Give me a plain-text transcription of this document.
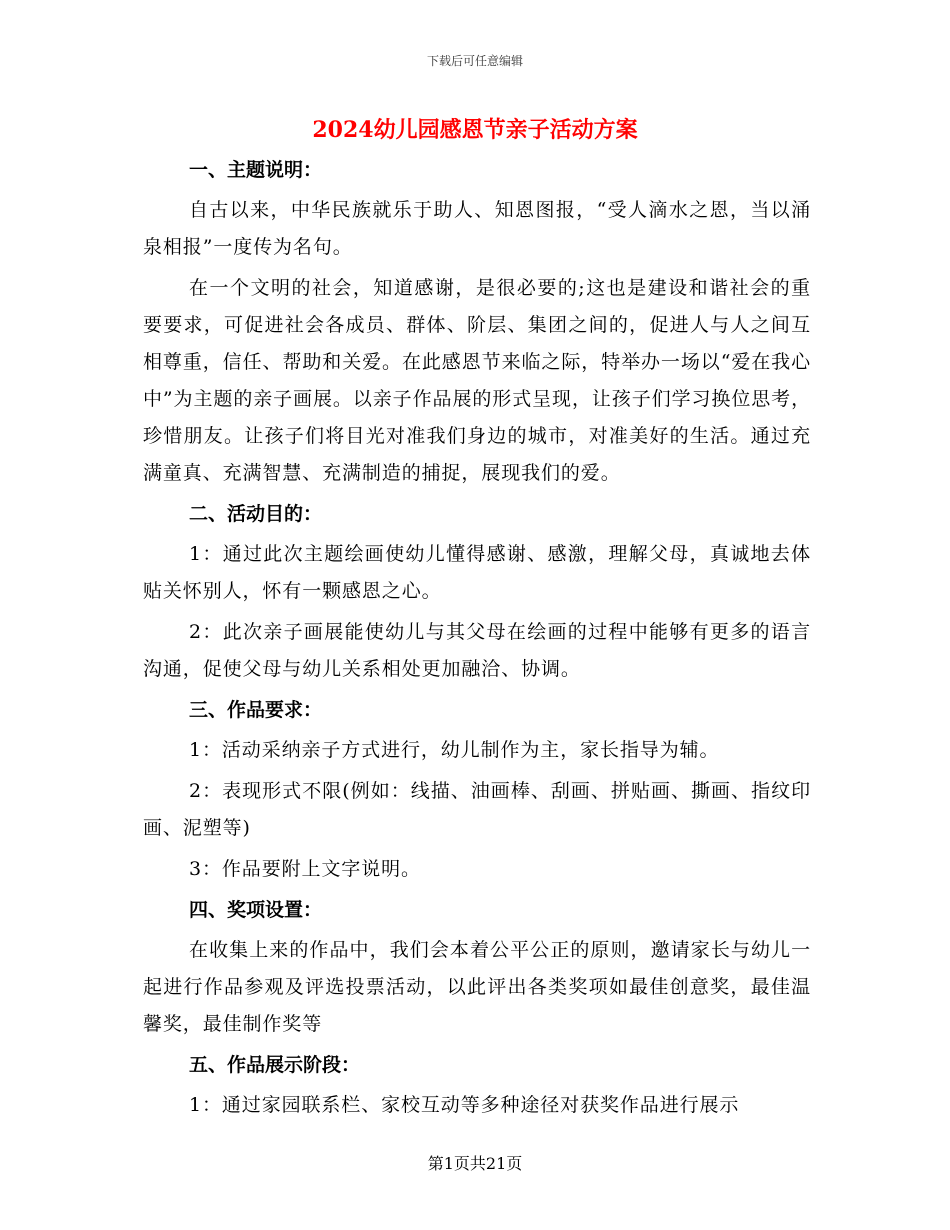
下载后可任意编辑
2024幼儿园感恩节亲子活动方案
一、主题说明：
自古以来，中华民族就乐于助人、知恩图报，“受人滴水之恩，当以涌泉相报”一度传为名句。
在一个文明的社会，知道感谢，是很必要的;这也是建设和谐社会的重要要求，可促进社会各成员、群体、阶层、集团之间的，促进人与人之间互相尊重，信任、帮助和关爱。在此感恩节来临之际，特举办一场以“爱在我心中”为主题的亲子画展。以亲子作品展的形式呈现，让孩子们学习换位思考，珍惜朋友。让孩子们将目光对准我们身边的城市，对准美好的生活。通过充满童真、充满智慧、充满制造的捕捉，展现我们的爱。
二、活动目的：
1：通过此次主题绘画使幼儿懂得感谢、感激，理解父母，真诚地去体贴关怀别人，怀有一颗感恩之心。
2：此次亲子画展能使幼儿与其父母在绘画的过程中能够有更多的语言沟通，促使父母与幼儿关系相处更加融洽、协调。
三、作品要求：
1：活动采纳亲子方式进行，幼儿制作为主，家长指导为辅。
2：表现形式不限(例如：线描、油画棒、刮画、拼贴画、撕画、指纹印画、泥塑等)
3：作品要附上文字说明。
四、奖项设置：
在收集上来的作品中，我们会本着公平公正的原则，邀请家长与幼儿一起进行作品参观及评选投票活动，以此评出各类奖项如最佳创意奖，最佳温馨奖，最佳制作奖等
五、作品展示阶段：
1：通过家园联系栏、家校互动等多种途径对获奖作品进行展示
第1页共21页
